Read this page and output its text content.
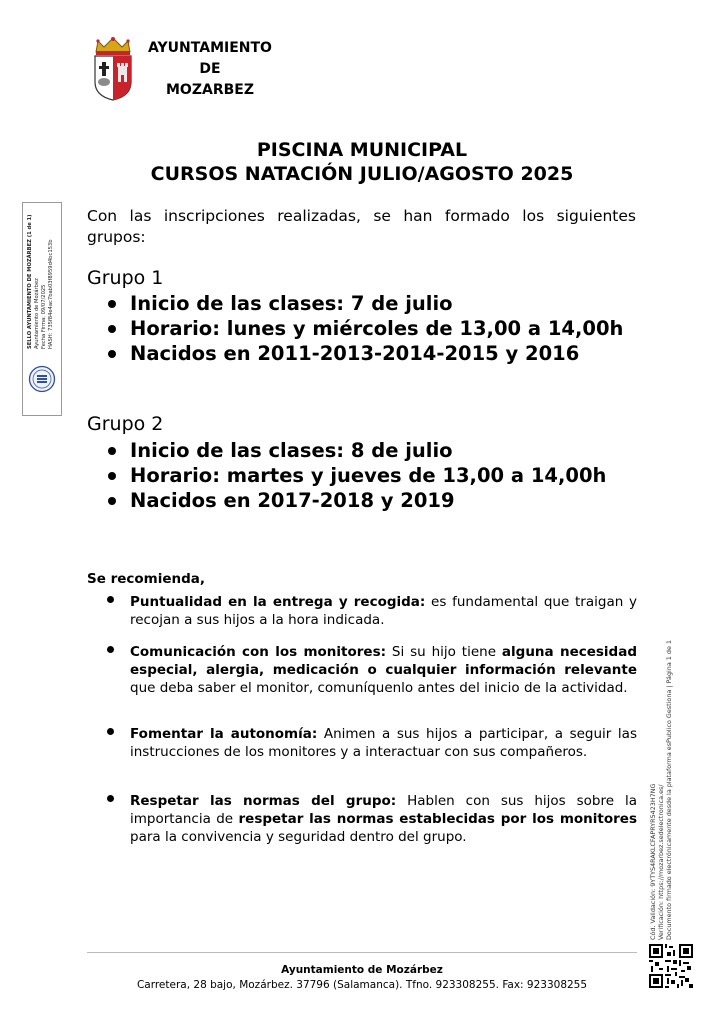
AYUNTAMIENTO
DE
MOZARBEZ
SELLO AYUNTAMIENTO DE MOZÁRBEZ (1 de 1) Ayuntamiento de Mozárbez Fecha Firma: 09/07/2025 HASH: 735f84e4ac7bab03f8959d4bc153b
PISCINA MUNICIPAL
CURSOS NATACIÓN JULIO/AGOSTO 2025
Con las inscripciones realizadas, se han formado los siguientes grupos:
Grupo 1
Inicio de las clases: 7 de julio
Horario: lunes y miércoles de 13,00 a 14,00h
Nacidos en 2011-2013-2014-2015 y 2016
Grupo 2
Inicio de las clases: 8 de julio
Horario: martes y jueves de 13,00 a 14,00h
Nacidos en 2017-2018 y 2019
Se recomienda,
Puntualidad en la entrega y recogida: es fundamental que traigan y recojan a sus hijos a la hora indicada.
Comunicación con los monitores: Si su hijo tiene alguna necesidad especial, alergia, medicación o cualquier información relevante que deba saber el monitor, comuníquenlo antes del inicio de la actividad.
Fomentar la autonomía: Animen a sus hijos a participar, a seguir las instrucciones de los monitores y a interactuar con sus compañeros.
Respetar las normas del grupo: Hablen con sus hijos sobre la importancia de respetar las normas establecidas por los monitores para la convivencia y seguridad dentro del grupo.	Cód. Validación: 9YTYS4RAKLCFAPRYR5423H7NG Verificación: https://mozarbez.sedelectronica.es/ Documento firmado electrónicamente desde la plataforma esPublico Gestiona | Página 1 de 1
Ayuntamiento de Mozárbez
Carretera, 28 bajo, Mozárbez. 37796 (Salamanca). Tfno. 923308255. Fax: 923308255
